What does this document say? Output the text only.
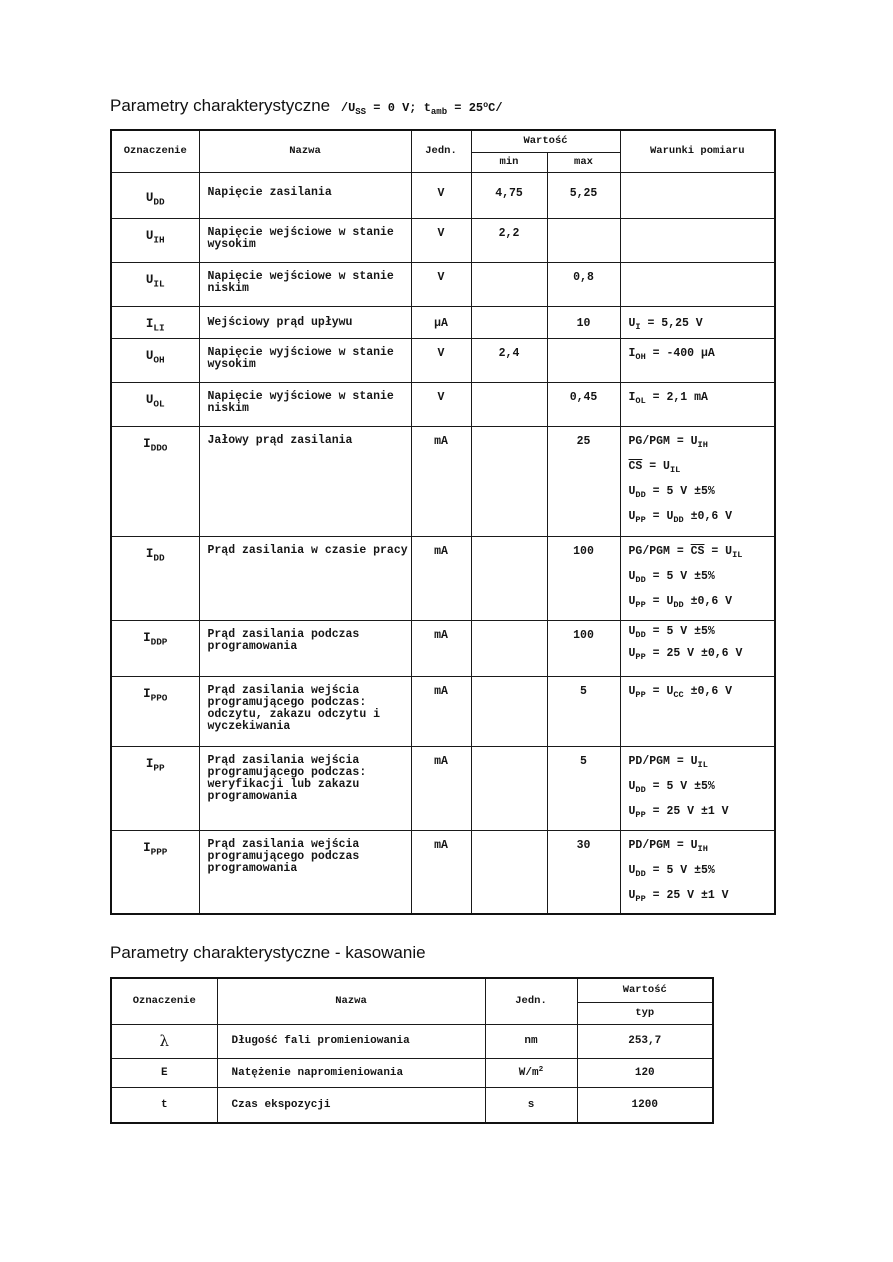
Parametry charakterystyczne $/U_{SS} = 0$ V; $t_{amb} = 25^oC/$
Oznaczenie	Nazwa	Jedn.	Wartość		Warunki pomiaru
			min	max	
$U_{DD}$	Napięcie zasilania	V	4,75	5,25	
$U_{IH}$	Napięcie wejściowe w stanie wysokim	V	2,2		
$U_{IL}$	Napięcie wejściowe w stanie niskim	V		0,8	
$I_{LI}$	Wejściowy prąd upływu	µA		10	$U_I = 5,25$ V

$U_{OH}$	Napięcie wyjściowe w stanie wysokim	V	2,4		$I_{OH} = -400$ µA

$U_{OL}$	Napięcie wyjściowe w stanie niskim	V		0,45	$I_{OL} = 2,1$ mA

$I_{DDO}$	Jałowy prąd zasilania	mA		25	$PG/PGM = U_{IH}$
$\overline{CS} = U_{IL}$
$U_{DD} = 5$ V ±5%
$U_{PP} = U_{DD} \pm 0,6$ V

$I_{DD}$	Prąd zasilania w czasie pracy	mA		100	$PG/PGM = \overline{CS} = U_{IL}$
$U_{DD} = 5$ V ±5%
$U_{PP} = U_{DD} \pm 0,6$ V

$I_{DDP}$	Prąd zasilania podczas programowania	mA		100	$U_{DD} = 5$ V ±5%
$U_{PP} = 25$ V ±0,6 V

$I_{PPO}$	Prąd zasilania wejścia programującego podczas: odczytu, zakazu odczytu i wyczekiwania	mA		5	$U_{PP} = U_{CC} \pm 0,6$ V

$I_{PP}$	Prąd zasilania wejścia programującego podczas: weryfikacji lub zakazu programowania	mA		5	$PD/PGM = U_{IL}$
$U_{DD} = 5$ V ±5%
$U_{PP} = 25$ V ±1 V

$I_{PPP}$	Prąd zasilania wejścia programującego podczas programowania	mA		30	$PD/PGM = U_{IH}$
$U_{DD} = 5$ V ±5%
$U_{PP} = 25$ V ±1 V
Parametry charakterystyczne - kasowanie
Oznaczenie	Nazwa	Jedn.	Wartość
			typ
λ	Długość fali promieniowania	nm	253,7
E	Natężenie napromieniowania	$W/m^2$	120
t	Czas ekspozycji	s	1200
